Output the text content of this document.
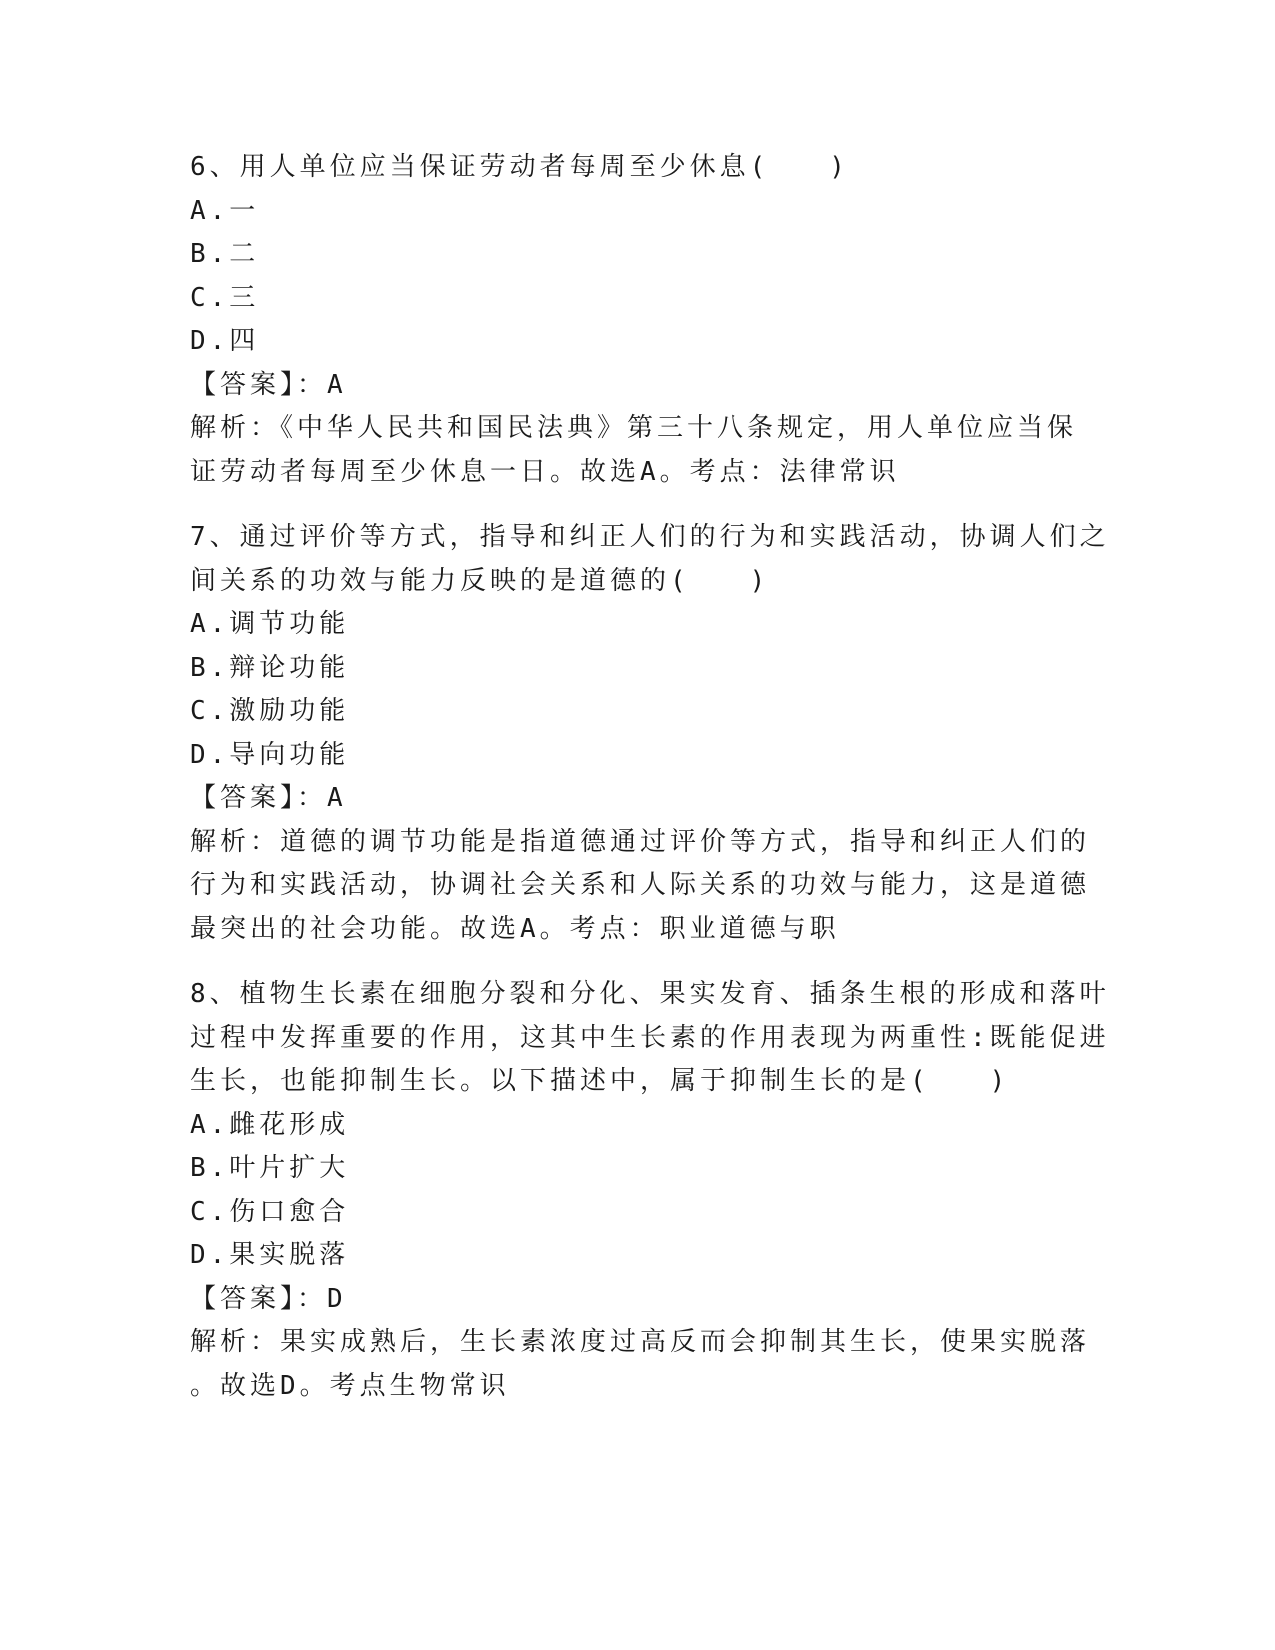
6、用人单位应当保证劳动者每周至少休息(　　)
A.一
B.二
C.三
D.四
【答案】：A
解析：《中华人民共和国民法典》第三十八条规定，用人单位应当保
证劳动者每周至少休息一日。故选A。考点：法律常识
7、通过评价等方式，指导和纠正人们的行为和实践活动，协调人们之
间关系的功效与能力反映的是道德的(　　)
A.调节功能
B.辩论功能
C.激励功能
D.导向功能
【答案】：A
解析：道德的调节功能是指道德通过评价等方式，指导和纠正人们的
行为和实践活动，协调社会关系和人际关系的功效与能力，这是道德
最突出的社会功能。故选A。考点：职业道德与职
8、植物生长素在细胞分裂和分化、果实发育、插条生根的形成和落叶
过程中发挥重要的作用，这其中生长素的作用表现为两重性:既能促进
生长，也能抑制生长。以下描述中，属于抑制生长的是(　　)
A.雌花形成
B.叶片扩大
C.伤口愈合
D.果实脱落
【答案】：D
解析：果实成熟后，生长素浓度过高反而会抑制其生长，使果实脱落
。故选D。考点生物常识
